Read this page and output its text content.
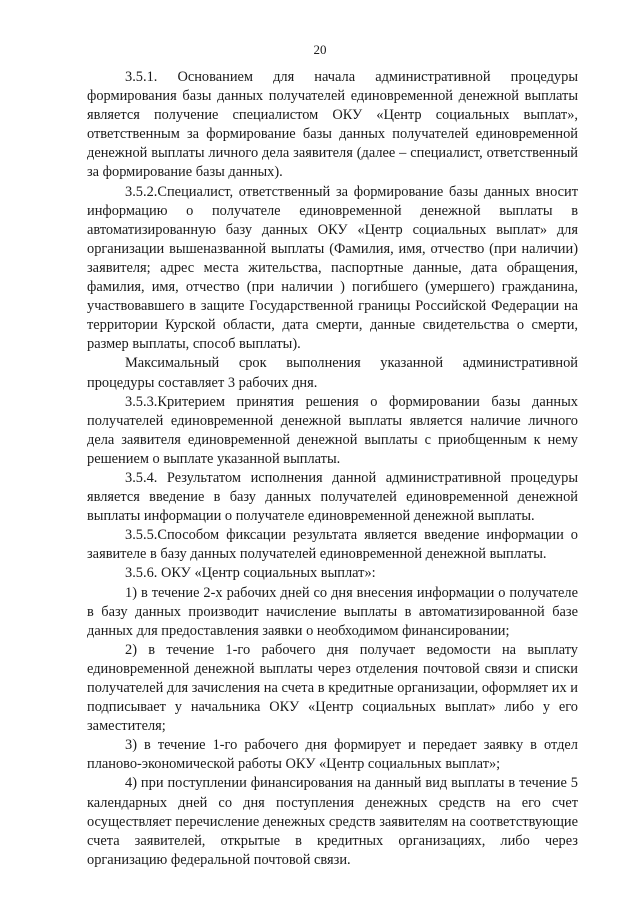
20

3.5.1. Основанием для начала административной процедуры формирования базы данных получателей единовременной денежной выплаты является получение специалистом ОКУ «Центр социальных выплат», ответственным за формирование базы данных получателей единовременной денежной выплаты личного дела заявителя (далее – специалист, ответственный за формирование базы данных).

3.5.2.Специалист, ответственный за формирование базы данных вносит информацию о получателе единовременной денежной выплаты в автоматизированную базу данных ОКУ «Центр социальных выплат» для организации вышеназванной выплаты (Фамилия, имя, отчество (при наличии) заявителя; адрес места жительства, паспортные данные, дата обращения, фамилия, имя, отчество (при наличии ) погибшего (умершего) гражданина, участвовавшего в защите Государственной границы Российской Федерации на территории Курской области, дата смерти, данные свидетельства о смерти, размер выплаты, способ выплаты).

Максимальный срок выполнения указанной административной процедуры составляет 3 рабочих дня.

3.5.3.Критерием принятия решения о формировании базы данных получателей единовременной денежной выплаты является наличие личного дела заявителя единовременной денежной выплаты с приобщенным к нему решением о выплате указанной выплаты.

3.5.4. Результатом исполнения данной административной процедуры является введение в базу данных получателей единовременной денежной выплаты информации о получателе единовременной денежной выплаты.

3.5.5.Способом фиксации результата является введение информации о заявителе в базу данных получателей единовременной денежной выплаты.

3.5.6. ОКУ «Центр социальных выплат»:

1) в течение 2-х рабочих дней со дня внесения информации о получателе в базу данных производит начисление выплаты в автоматизированной базе данных для предоставления заявки о необходимом финансировании;

2) в течение 1-го рабочего дня получает ведомости на выплату единовременной денежной выплаты через отделения почтовой связи и списки получателей для зачисления на счета в кредитные организации, оформляет их и подписывает у начальника ОКУ «Центр социальных выплат» либо у его заместителя;

3) в течение 1-го рабочего дня формирует и передает заявку в отдел планово-экономической работы ОКУ «Центр социальных выплат»;

4) при поступлении финансирования на данный вид выплаты в течение 5 календарных дней со дня поступления денежных средств на его счет осуществляет перечисление денежных средств заявителям на соответствующие счета заявителей, открытые в кредитных организациях, либо через организацию федеральной почтовой связи.
